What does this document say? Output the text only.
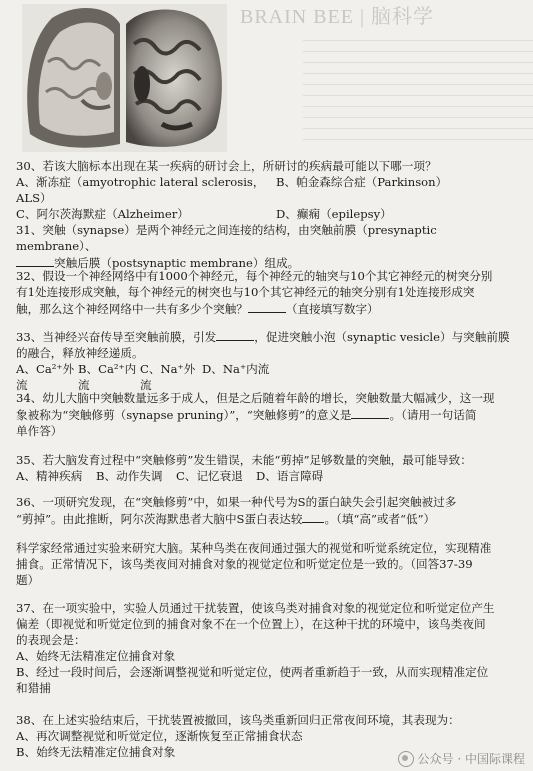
BRAIN BEE | 脑科学

30、若该大脑标本出现在某一疾病的研讨会上，所研讨的疾病最可能以下哪一项？

A、渐冻症（amyotrophic lateral sclerosis，ALS）
B、帕金森综合症（Parkinson）
C、阿尔茨海默症（Alzheimer）	D、癫痫（epilepsy）

31、突触（synapse）是两个神经元之间连接的结构，由突触前膜（presynaptic membrane）、

突触后膜（postsynaptic membrane）组成。

32、假设一个神经网络中有1000个神经元，每个神经元的轴突与10个其它神经元的树突分别

有1处连接形成突触，每个神经元的树突也与10个其它神经元的轴突分别有1处连接形成突

触，那么这个神经网络中一共有多少个突触？	（直接填写数字）

33、当神经兴奋传导至突触前膜，引发	，促进突触小泡（synaptic vesicle）与突触前膜

的融合，释放神经递质。

A、Ca²⁺外流
B、Ca²⁺内流
C、Na⁺外流
D、Na⁺内流

34、幼儿大脑中突触数量远多于成人，但是之后随着年龄的增长，突触数量大幅减少，这一现

象被称为“突触修剪（synapse pruning）”，“突触修剪”的意义是	。（请用一句话简

单作答）

35、若大脑发育过程中“突触修剪”发生错误，未能“剪掉”足够数量的突触，最可能导致：

A、精神疾病	B、动作失调	C、记忆衰退	D、语言障碍

36、一项研究发现，在“突触修剪”中，如果一种代号为S的蛋白缺失会引起突触被过多

“剪掉”。由此推断，阿尔茨海默患者大脑中S蛋白表达较 。（填“高”或者“低”）

科学家经常通过实验来研究大脑。某种鸟类在夜间通过强大的视觉和听觉系统定位，实现精准

捕食。正常情况下，该鸟类夜间对捕食对象的视觉定位和听觉定位是一致的。（回答37-39

题）

37、在一项实验中，实验人员通过干扰装置，使该鸟类对捕食对象的视觉定位和听觉定位产生

偏差（即视觉和听觉定位到的捕食对象不在一个位置上），在这种干扰的环境中，该鸟类夜间

的表现会是：

A、始终无法精准定位捕食对象

B、经过一段时间后，会逐渐调整视觉和听觉定位，使两者重新趋于一致，从而实现精准定位

和猎捕

38、在上述实验结束后，干扰装置被撤回，该鸟类重新回归正常夜间环境，其表现为：

A、再次调整视觉和听觉定位，逐渐恢复至正常捕食状态

B、始终无法精准定位捕食对象	公众号 · 中国际课程
